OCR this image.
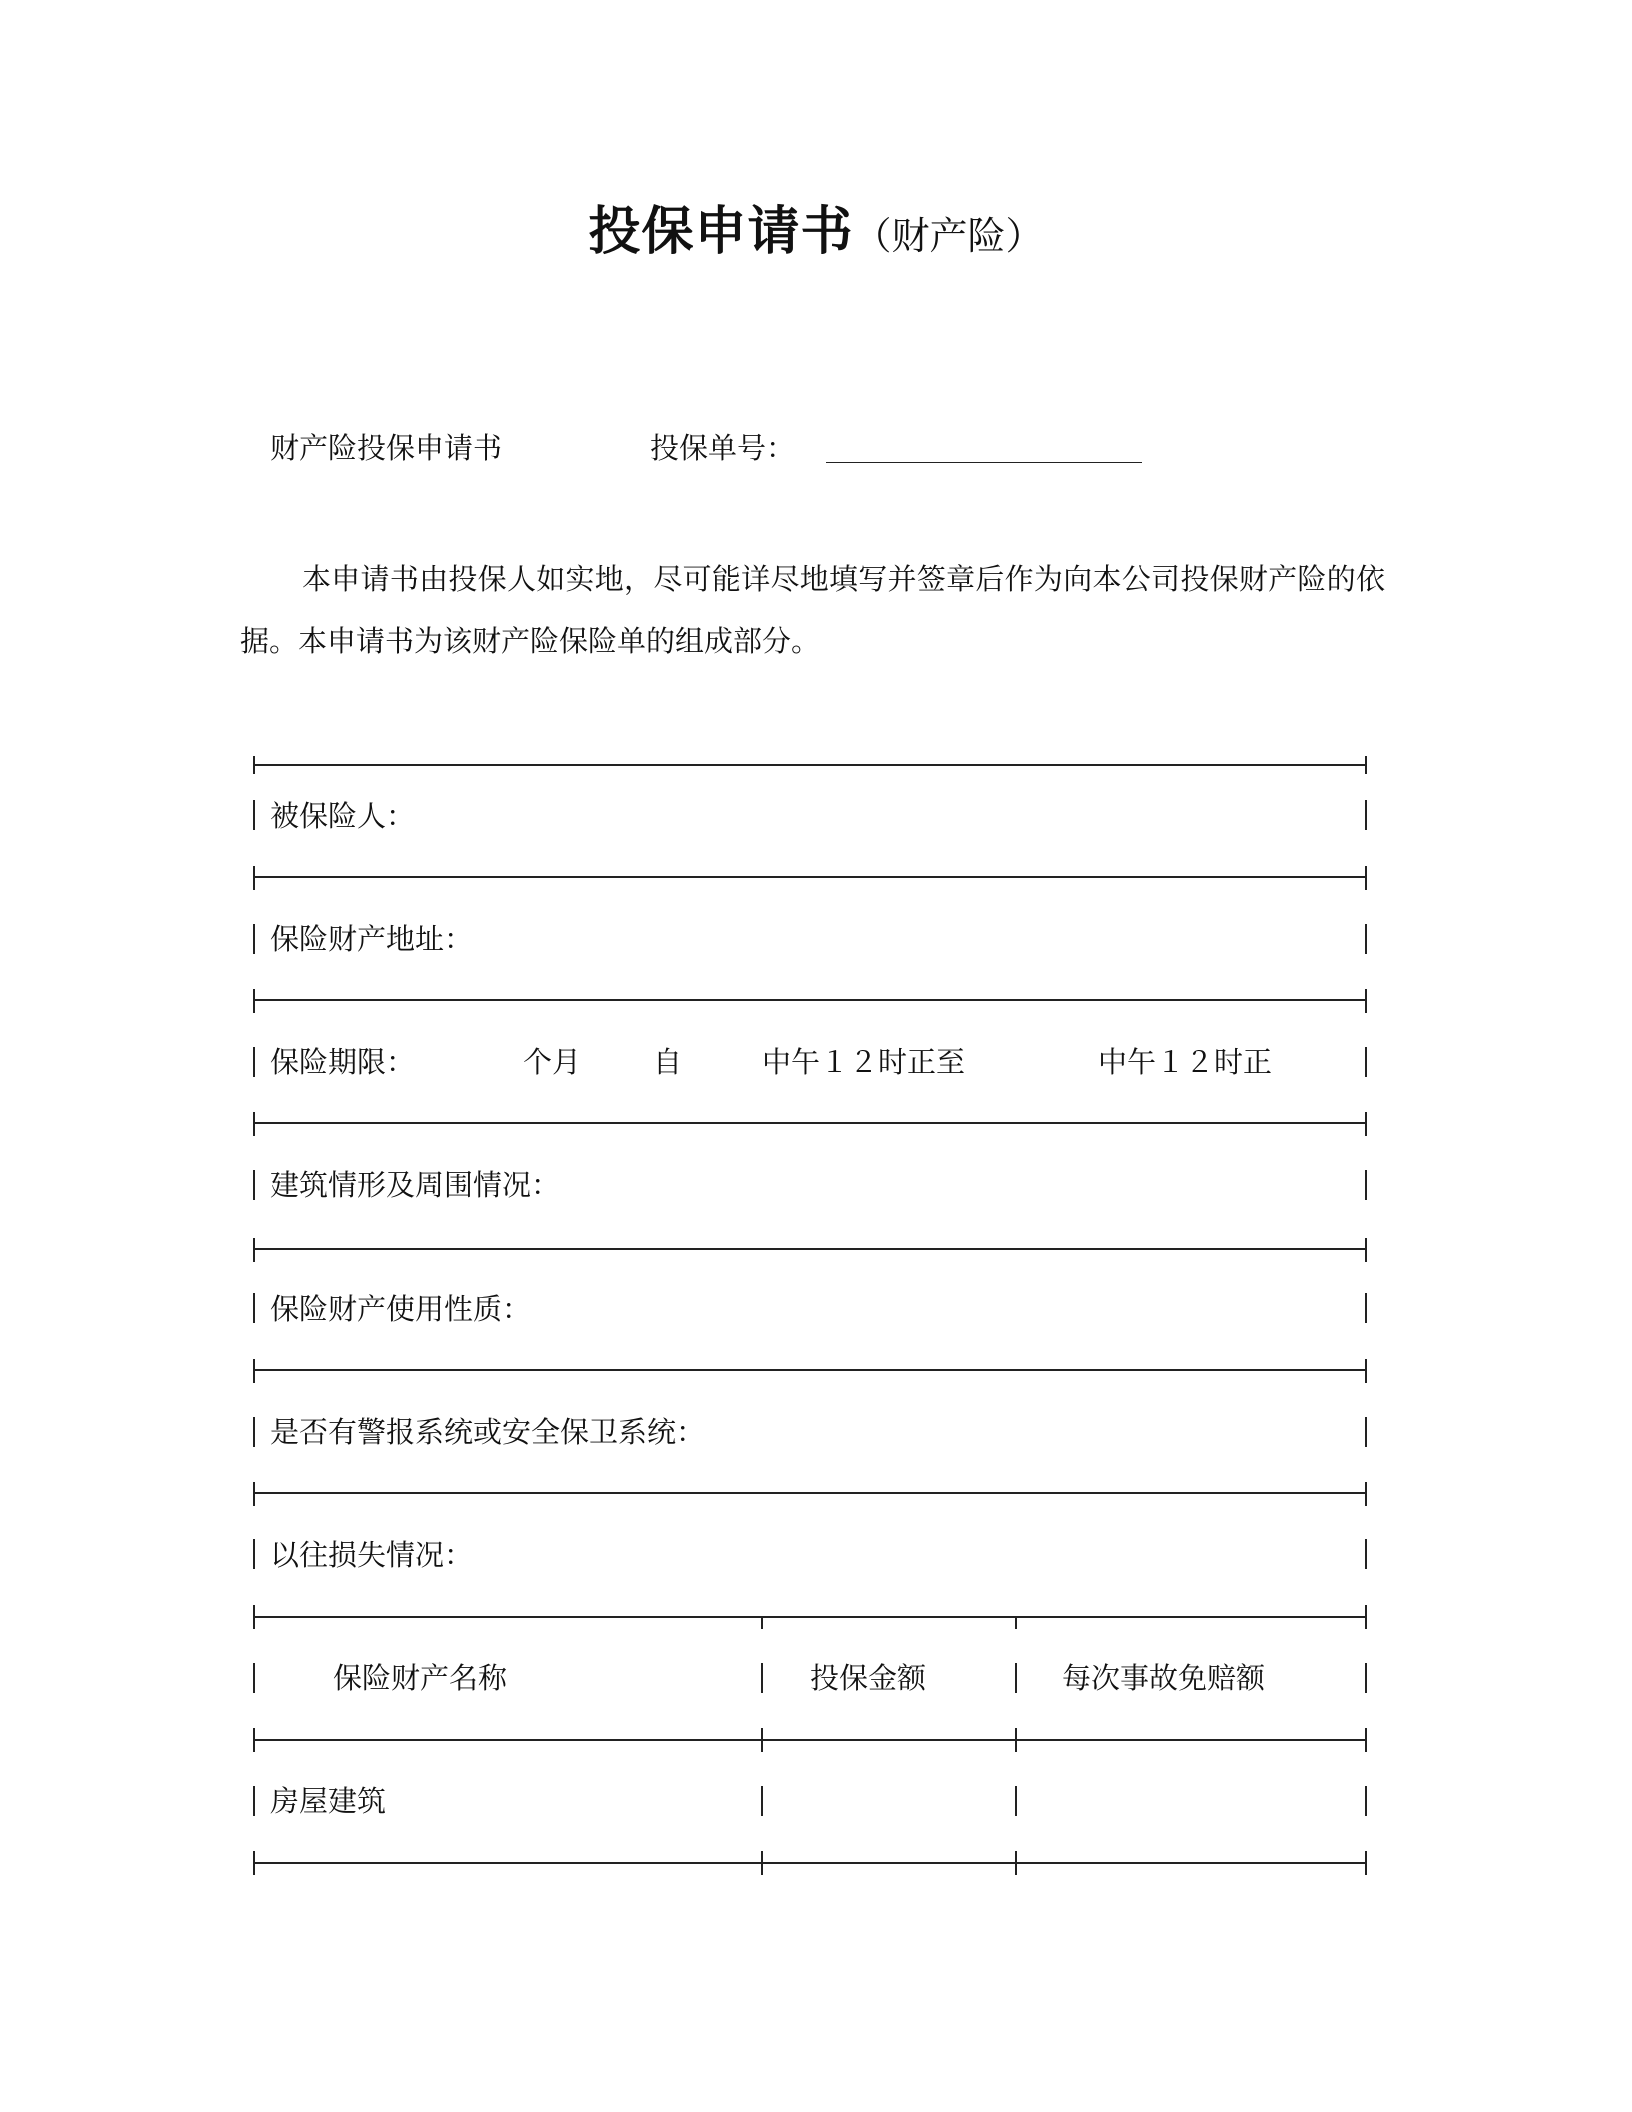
投保申请书（财产险）
财产险投保申请书	投保单号：
本申请书由投保人如实地，尽可能详尽地填写并签章后作为向本公司投保财产险的依据。本申请书为该财产险保险单的组成部分。
被保险人：
保险财产地址：
保险期限：	个月 自	中午１２时正至	中午１２时正
建筑情形及周围情况：
保险财产使用性质：
是否有警报系统或安全保卫系统：
以往损失情况：
保险财产名称	投保金额	每次事故免赔额
房屋建筑
